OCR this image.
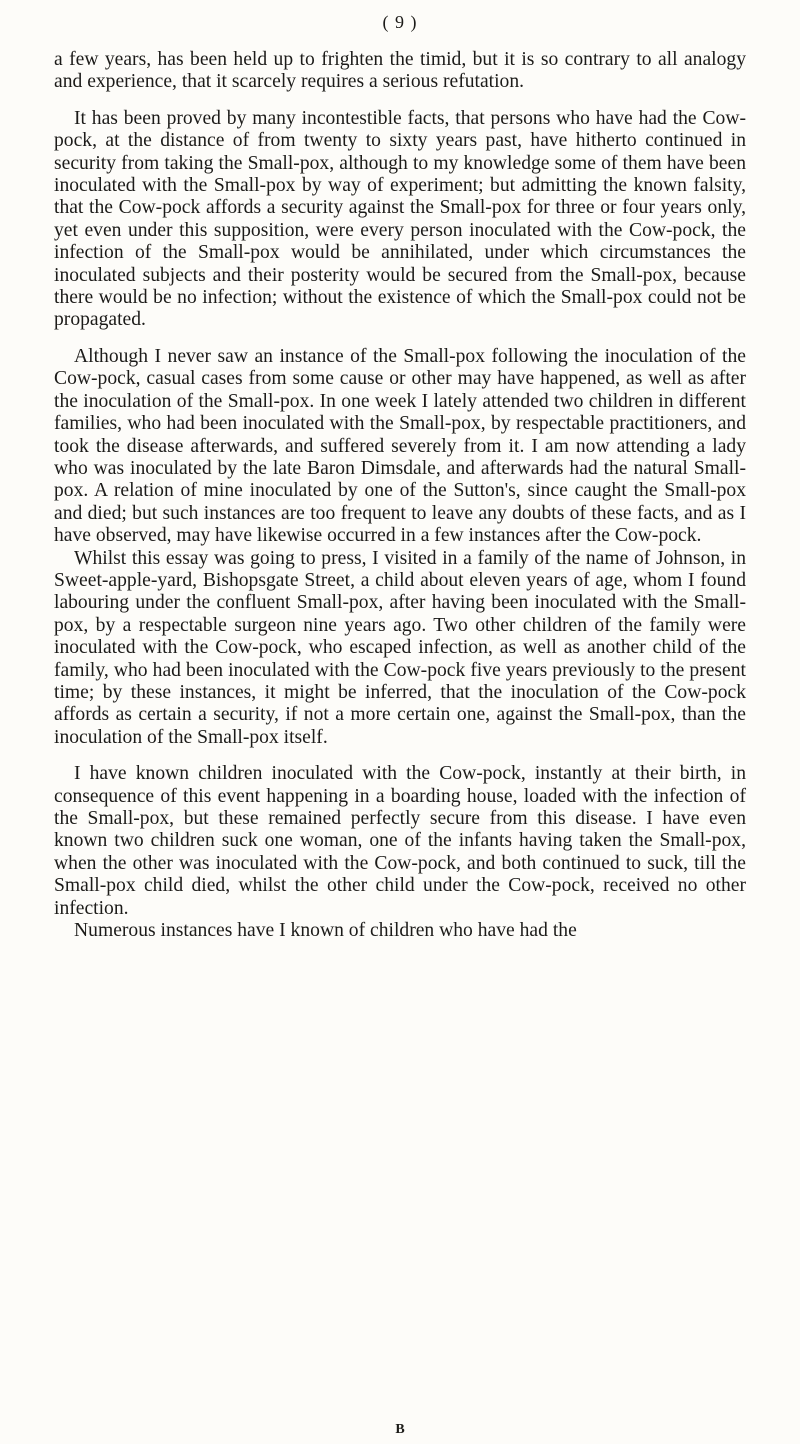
( 9 )

a few years, has been held up to frighten the timid, but it is so contrary to all analogy and experience, that it scarcely requires a serious refutation.

It has been proved by many incontestible facts, that persons who have had the Cow-pock, at the distance of from twenty to sixty years past, have hitherto continued in security from taking the Small-pox, although to my knowledge some of them have been inoculated with the Small-pox by way of experiment; but admitting the known falsity, that the Cow-pock affords a security against the Small-pox for three or four years only, yet even under this supposition, were every person inoculated with the Cow-pock, the infection of the Small-pox would be annihilated, under which circumstances the inoculated subjects and their posterity would be secured from the Small-pox, because there would be no infection; without the existence of which the Small-pox could not be propagated.

Although I never saw an instance of the Small-pox following the inoculation of the Cow-pock, casual cases from some cause or other may have happened, as well as after the inoculation of the Small-pox. In one week I lately attended two children in different families, who had been inoculated with the Small-pox, by respectable practitioners, and took the disease afterwards, and suffered severely from it. I am now attending a lady who was inoculated by the late Baron Dimsdale, and afterwards had the natural Small-pox. A relation of mine inoculated by one of the Sutton's, since caught the Small-pox and died; but such instances are too frequent to leave any doubts of these facts, and as I have observed, may have likewise occurred in a few instances after the Cow-pock.

Whilst this essay was going to press, I visited in a family of the name of Johnson, in Sweet-apple-yard, Bishopsgate Street, a child about eleven years of age, whom I found labouring under the confluent Small-pox, after having been inoculated with the Small-pox, by a respectable surgeon nine years ago. Two other children of the family were inoculated with the Cow-pock, who escaped infection, as well as another child of the family, who had been inoculated with the Cow-pock five years previously to the present time; by these instances, it might be inferred, that the inoculation of the Cow-pock affords as certain a security, if not a more certain one, against the Small-pox, than the inoculation of the Small-pox itself.

I have known children inoculated with the Cow-pock, instantly at their birth, in consequence of this event happening in a boarding house, loaded with the infection of the Small-pox, but these remained perfectly secure from this disease. I have even known two children suck one woman, one of the infants having taken the Small-pox, when the other was inoculated with the Cow-pock, and both continued to suck, till the Small-pox child died, whilst the other child under the Cow-pock, received no other infection.

Numerous instances have I known of children who have had the

B
